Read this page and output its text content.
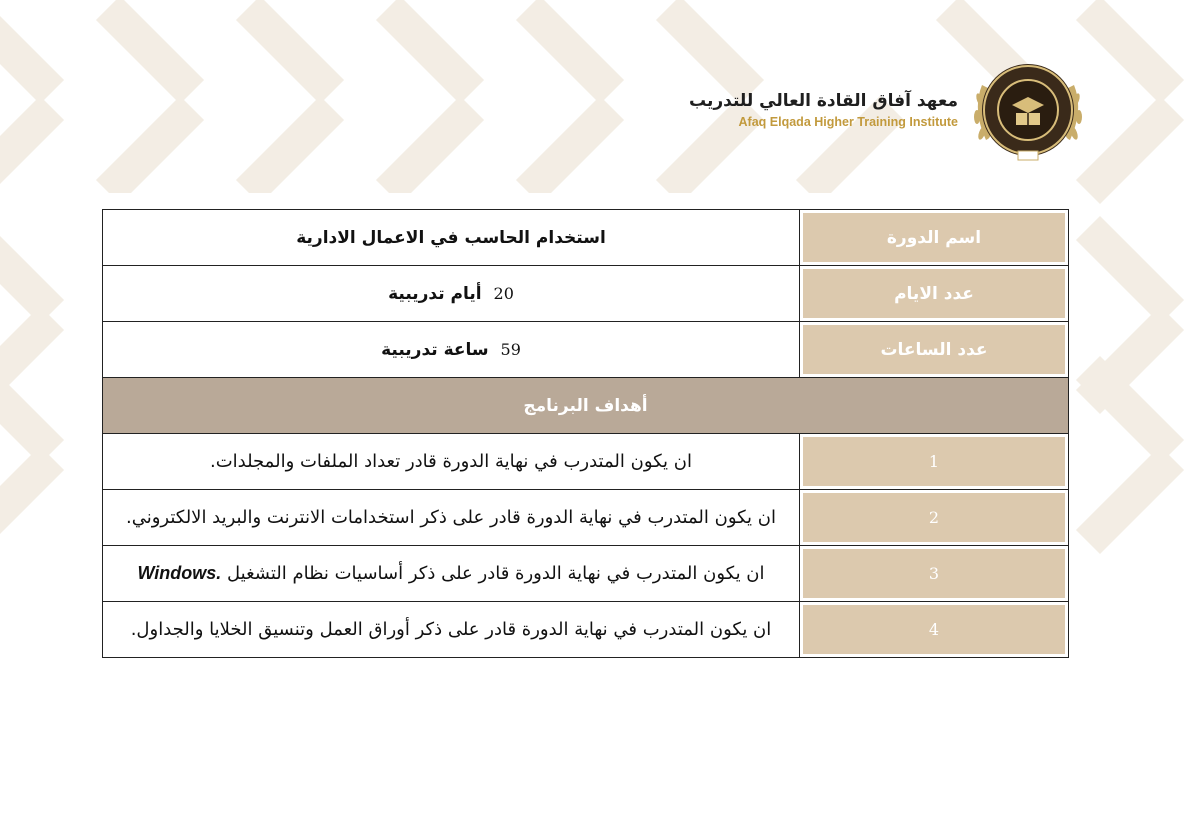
معهد آفاق القادة العالي للتدريب
Afaq Elqada Higher Training Institute
اسم الدورة	استخدام الحاسب في الاعمال الادارية
عدد الايام	20 أيام تدريبية
عدد الساعات	59 ساعة تدريبية
أهداف البرنامج	
1	ان يكون المتدرب في نهاية الدورة قادر تعداد الملفات والمجلدات.
2	ان يكون المتدرب في نهاية الدورة قادر على ذكر استخدامات الانترنت والبريد الالكتروني.
3	ان يكون المتدرب في نهاية الدورة قادر على ذكر أساسيات نظام التشغيل Windows.
4	ان يكون المتدرب في نهاية الدورة قادر على ذكر أوراق العمل وتنسيق الخلايا والجداول.
